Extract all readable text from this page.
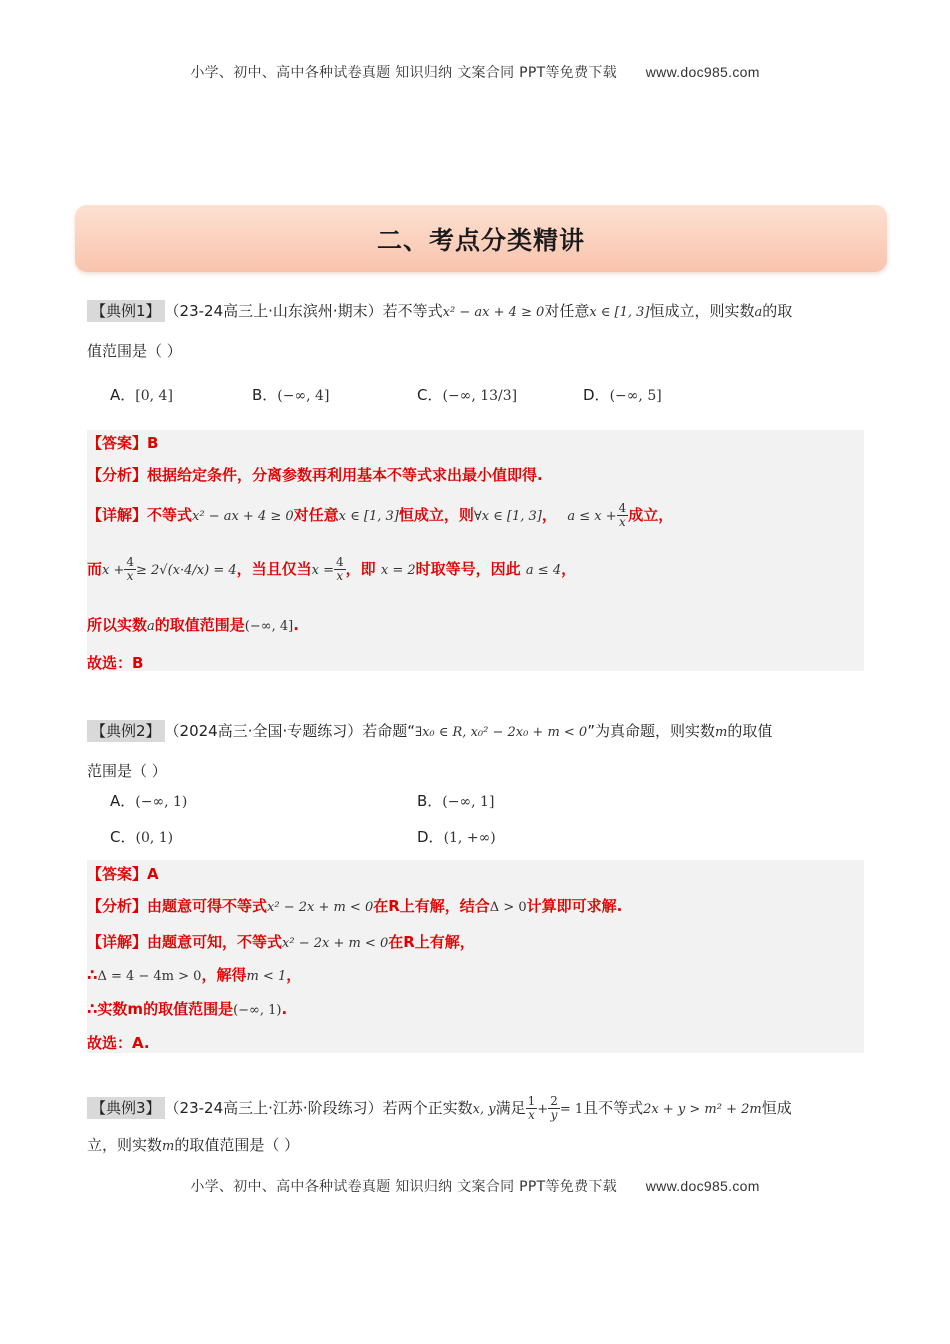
小学、初中、高中各种试卷真题 知识归纳 文案合同 PPT等免费下载 www.doc985.com
二、考点分类精讲
【典例1】 （23-24高三上·山东滨州·期末）若不等式x² − ax + 4 ≥ 0对任意x ∈ [1, 3]恒成立，则实数a的取
值范围是（ ）
A．[0, 4]	B．(−∞, 4]	C．(−∞, 13/3]	D．(−∞, 5]
【答案】B
【分析】根据给定条件，分离参数再利用基本不等式求出最小值即得.
【详解】不等式x² − ax + 4 ≥ 0对任意x ∈ [1, 3]恒成立，则∀x ∈ [1, 3]， $a \le x + \frac{4}{x}$ 成立，
而$x + \frac{4}{x} \ge 2√(x\cdot 4/x) = 4$，当且仅当$x = \frac{4}{x}$ ，即 x = 2时取等号，因此 a ≤ 4，
所以实数a的取值范围是(−∞, 4].
故选：B
【典例2】 （2024高三·全国·专题练习）若命题“∃x₀ ∈ R, x₀² − 2x₀ + m < 0”为真命题，则实数m的取值
范围是（ ）
A．(−∞, 1)	B．(−∞, 1]
C．(0, 1)	D．(1, +∞)
【答案】A
【分析】由题意可得不等式x² − 2x + m < 0在R上有解，结合Δ > 0计算即可求解.
【详解】由题意可知，不等式x² − 2x + m < 0在R上有解，
∴Δ = 4 − 4m > 0，解得m < 1，
∴实数m的取值范围是(−∞, 1).
故选：A.
【典例3】 （23-24高三上·江苏·阶段练习）若两个正实数x, y满足 $\frac{1}{x} + \frac{2}{y} = 1$且不等式2x + y > m² + 2m恒成
立，则实数m的取值范围是（ ）
小学、初中、高中各种试卷真题 知识归纳 文案合同 PPT等免费下载 www.doc985.com
